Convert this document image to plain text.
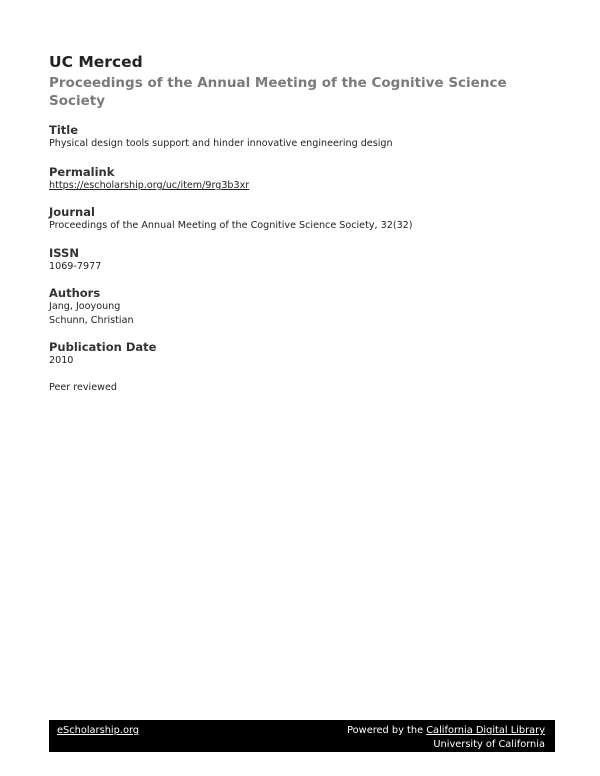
UC Merced

Proceedings of the Annual Meeting of the Cognitive Science Society

Title

Physical design tools support and hinder innovative engineering design

Permalink

https://escholarship.org/uc/item/9rg3b3xr

Journal

Proceedings of the Annual Meeting of the Cognitive Science Society, 32(32)

ISSN

1069-7977

Authors

Jang, Jooyoung

Schunn, Christian

Publication Date

2010

Peer reviewed

eScholarship.org	Powered by the California Digital Library
University of California
